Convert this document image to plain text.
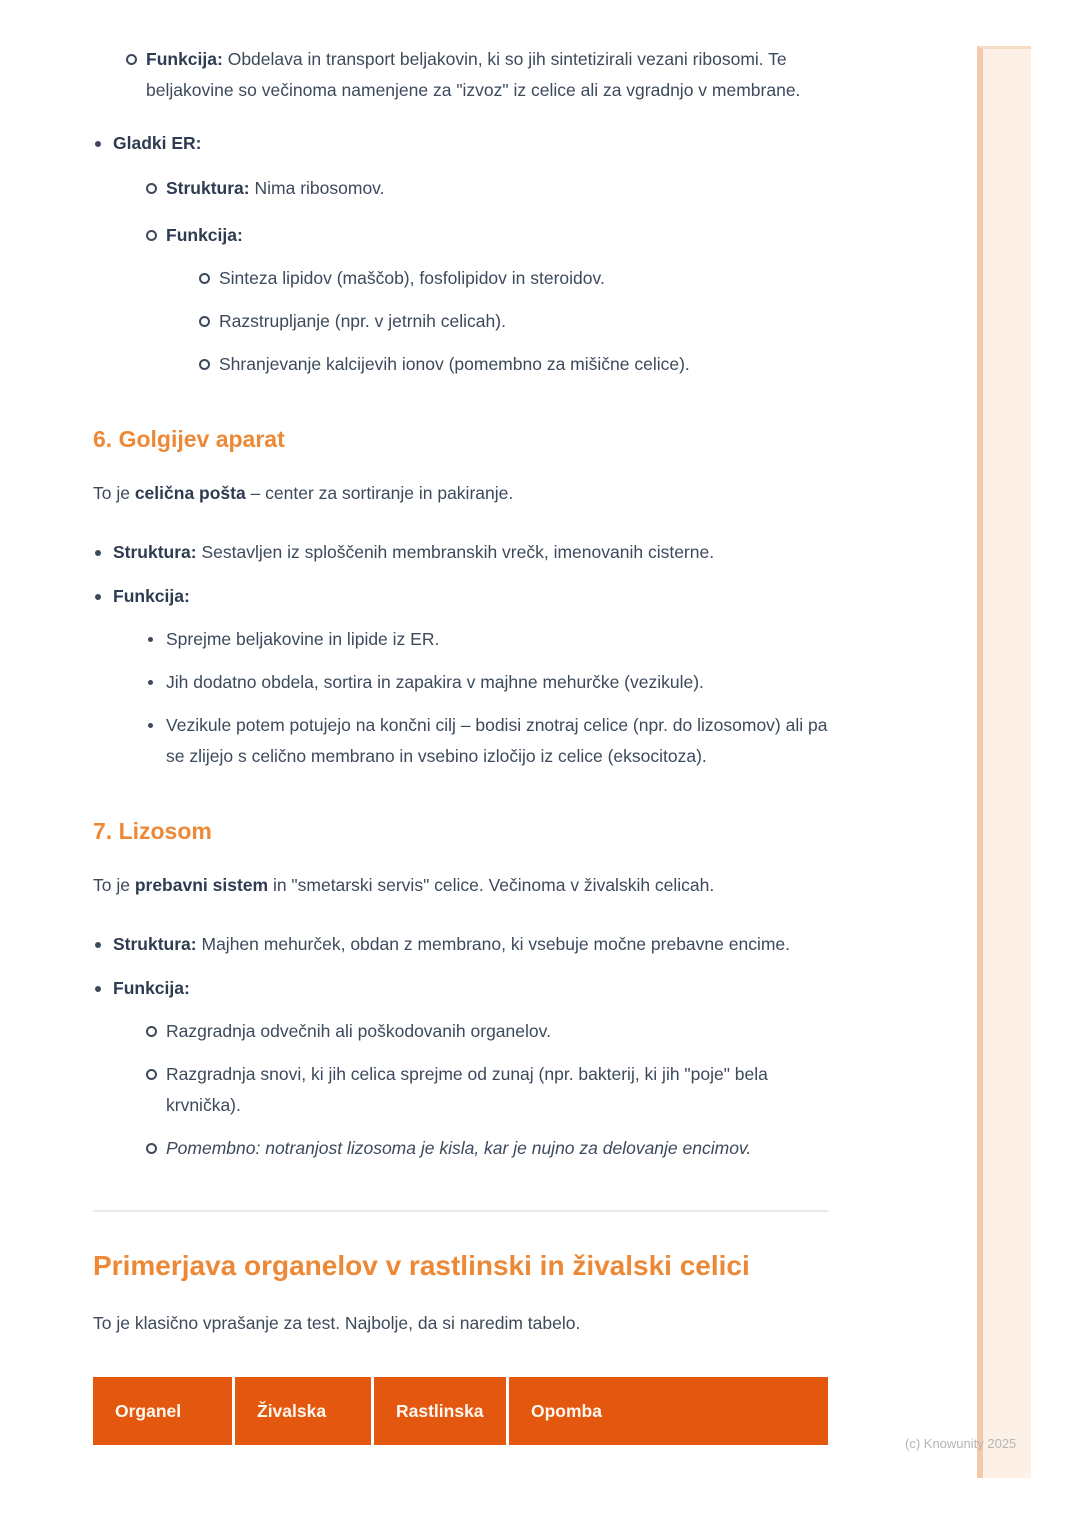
(c) Knowunity 2025
Funkcija: Obdelava in transport beljakovin, ki so jih sintetizirali vezani ribosomi. Te beljakovine so večinoma namenjene za "izvoz" iz celice ali za vgradnjo v membrane.
Gladki ER:
Struktura: Nima ribosomov.
Funkcija:
Sinteza lipidov (maščob), fosfolipidov in steroidov.
Razstrupljanje (npr. v jetrnih celicah).
Shranjevanje kalcijevih ionov (pomembno za mišične celice).
6. Golgijev aparat

To je celična pošta – center za sortiranje in pakiranje.

Struktura: Sestavljen iz sploščenih membranskih vrečk, imenovanih cisterne.
Funkcija:
Sprejme beljakovine in lipide iz ER.
Jih dodatno obdela, sortira in zapakira v majhne mehurčke (vezikule).
Vezikule potem potujejo na končni cilj – bodisi znotraj celice (npr. do lizosomov) ali pa se zlijejo s celično membrano in vsebino izločijo iz celice (eksocitoza).
7. Lizosom

To je prebavni sistem in "smetarski servis" celice. Večinoma v živalskih celicah.

Struktura: Majhen mehurček, obdan z membrano, ki vsebuje močne prebavne encime.
Funkcija:
Razgradnja odvečnih ali poškodovanih organelov.
Razgradnja snovi, ki jih celica sprejme od zunaj (npr. bakterij, ki jih "poje" bela krvnička).
Pomembno: notranjost lizosoma je kisla, kar je nujno za delovanje encimov.
Primerjava organelov v rastlinski in živalski celici

To je klasično vprašanje za test. Najbolje, da si naredim tabelo.

Organel	Živalska	Rastlinska	Opomba
